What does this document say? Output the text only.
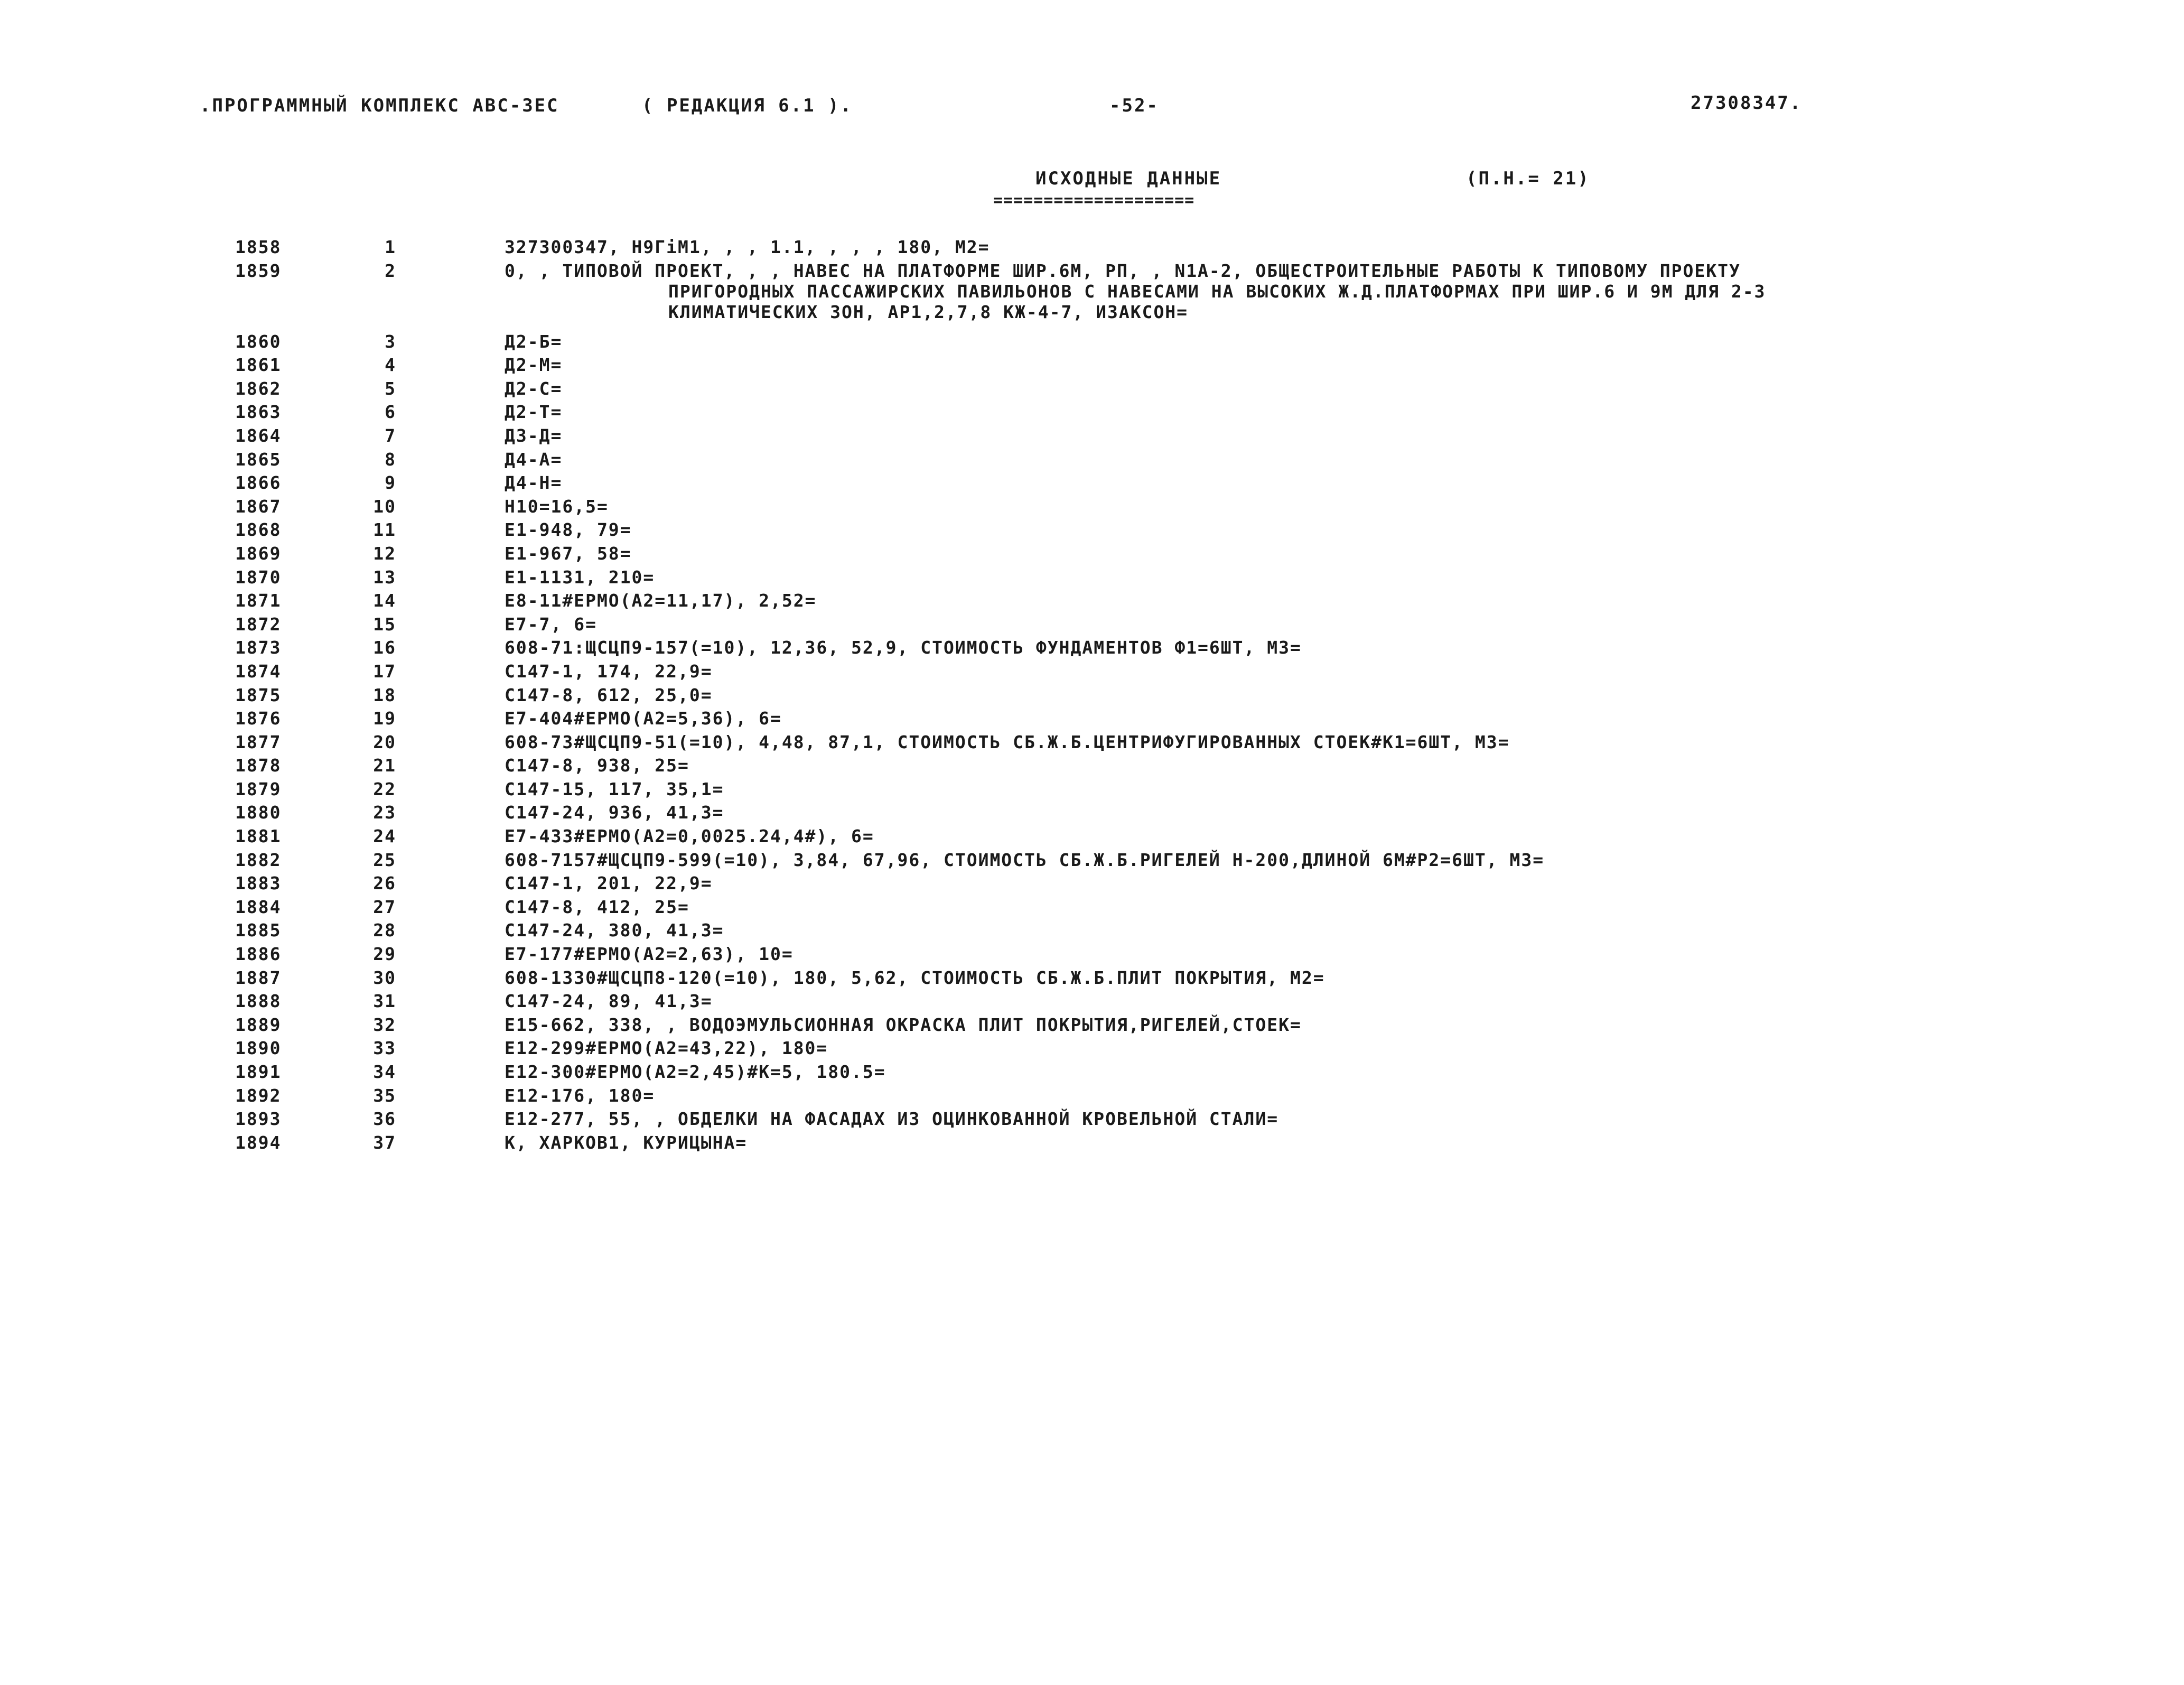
.ПРОГРАММНЫЙ КОМПЛЕКС АВС-ЗЕС	( РЕДАКЦИЯ 6.1 ).	-52-	27308347.
ИСХОДНЫЕ ДАННЫЕ
====================
(П.Н.= 21)
1858	1	327300347, Н9ГіМ1, , , 1.1, , , , 180, М2=
1859	2	0, , ТИПОВОЙ ПРОЕКТ, , , НАВЕС НА ПЛАТФОРМЕ ШИР.6М, РП, , N1А-2, ОБЩЕСТРОИТЕЛЬНЫЕ РАБОТЫ К ТИПОВОМУ ПРОЕКТУ
ПРИГОРОДНЫХ ПАССАЖИРСКИХ ПАВИЛЬОНОВ С НАВЕСАМИ НА ВЫСОКИХ Ж.Д.ПЛАТФОРМАХ ПРИ ШИР.6 И 9М ДЛЯ 2-3
КЛИМАТИЧЕСКИХ ЗОН, АР1,2,7,8 КЖ-4-7, ИЗАКСОН=
1860	3	Д2-Б=
1861	4	Д2-М=
1862	5	Д2-С=
1863	6	Д2-Т=
1864	7	Д3-Д=
1865	8	Д4-А=
1866	9	Д4-Н=
1867	10	Н10=16,5=
1868	11	Е1-948, 79=
1869	12	Е1-967, 58=
1870	13	Е1-1131, 210=
1871	14	Е8-11#ЕРМО(А2=11,17), 2,52=
1872	15	Е7-7, 6=
1873	16	608-71:ЩСЦП9-157(=10), 12,36, 52,9, СТОИМОСТЬ ФУНДАМЕНТОВ Ф1=6ШТ, М3=
1874	17	С147-1, 174, 22,9=
1875	18	С147-8, 612, 25,0=
1876	19	Е7-404#ЕРМО(А2=5,36), 6=
1877	20	608-73#ЩСЦП9-51(=10), 4,48, 87,1, СТОИМОСТЬ СБ.Ж.Б.ЦЕНТРИФУГИРОВАННЫХ СТОЕК#К1=6ШТ, М3=
1878	21	С147-8, 938, 25=
1879	22	С147-15, 117, 35,1=
1880	23	С147-24, 936, 41,3=
1881	24	Е7-433#ЕРМО(А2=0,0025.24,4#), 6=
1882	25	608-7157#ЩСЦП9-599(=10), 3,84, 67,96, СТОИМОСТЬ СБ.Ж.Б.РИГЕЛЕЙ Н-200,ДЛИНОЙ 6М#Р2=6ШТ, М3=
1883	26	С147-1, 201, 22,9=
1884	27	С147-8, 412, 25=
1885	28	С147-24, 380, 41,3=
1886	29	Е7-177#ЕРМО(А2=2,63), 10=
1887	30	608-1330#ЩСЦП8-120(=10), 180, 5,62, СТОИМОСТЬ СБ.Ж.Б.ПЛИТ ПОКРЫТИЯ, М2=
1888	31	С147-24, 89, 41,3=
1889	32	Е15-662, 338, , ВОДОЭМУЛЬСИОННАЯ ОКРАСКА ПЛИТ ПОКРЫТИЯ,РИГЕЛЕЙ,СТОЕК=
1890	33	Е12-299#ЕРМО(А2=43,22), 180=
1891	34	Е12-300#ЕРМО(А2=2,45)#К=5, 180.5=
1892	35	Е12-176, 180=
1893	36	Е12-277, 55, , ОБДЕЛКИ НА ФАСАДАХ ИЗ ОЦИНКОВАННОЙ КРОВЕЛЬНОЙ СТАЛИ=
1894	37	К, ХАРКОВ1, КУРИЦЫНА=
